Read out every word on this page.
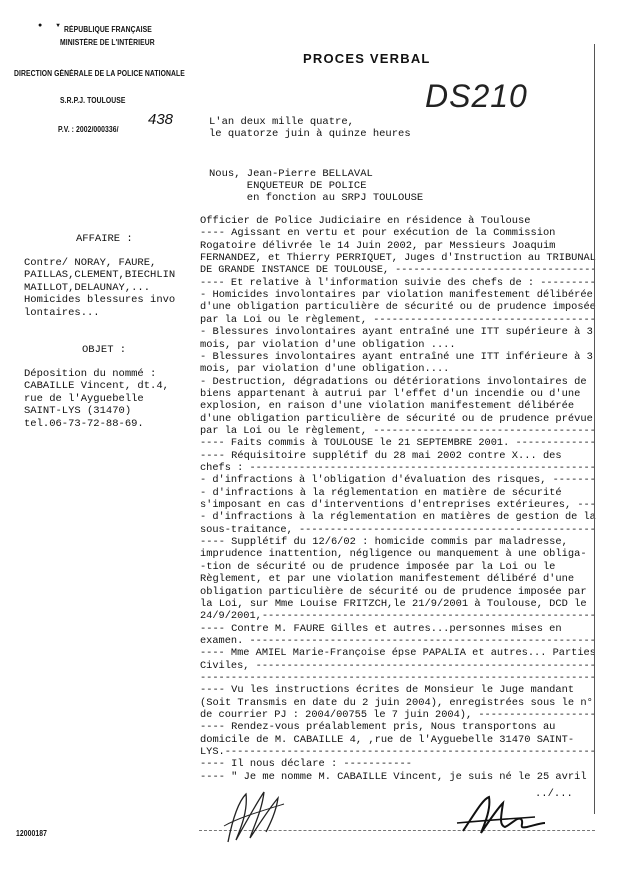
● ▼ RÉPUBLIQUE FRANÇAISE
MINISTÈRE DE L'INTÉRIEUR
DIRECTION GÉNÉRALE DE LA POLICE NATIONALE
S.R.P.J. TOULOUSE
P.V. : 2002/000336/
438
PROCES VERBAL
DS210
L'an deux mille quatre,
le quatorze juin à quinze heures
Nous, Jean-Pierre BELLAVAL
ENQUETEUR DE POLICE
en fonction au SRPJ TOULOUSE
AFFAIRE :
Contre/ NORAY, FAURE,
PAILLAS,CLEMENT,BIECHLIN
MAILLOT,DELAUNAY,...
Homicides blessures invo
lontaires...
OBJET :
Déposition du nommé :
CABAILLE Vincent, dt.4,
rue de l'Ayguebelle
SAINT-LYS (31470)
tel.06-73-72-88-69.
Officier de Police Judiciaire en résidence à Toulouse
---- Agissant en vertu et pour exécution de la Commission
Rogatoire délivrée le 14 Juin 2002, par Messieurs Joaquim
FERNANDEZ, et Thierry PERRIQUET, Juges d'Instruction au TRIBUNAL
DE GRANDE INSTANCE DE TOULOUSE, ---------------------------------
---- Et relative à l'information suivie des chefs de : ---------
- Homicides involontaires par violation manifestement délibérée
d'une obligation particulière de sécurité ou de prudence imposée
par la Loi ou le règlement, ------------------------------------
- Blessures involontaires ayant entraîné une ITT supérieure à 3
mois, par violation d'une obligation ....
- Blessures involontaires ayant entraîné une ITT inférieure à 3
mois, par violation d'une obligation....
- Destruction, dégradations ou détériorations involontaires de
biens appartenant à autrui par l'effet d'un incendie ou d'une
explosion, en raison d'une violation manifestement délibérée
d'une obligation particulière de sécurité ou de prudence prévue
par la Loi ou le règlement, ------------------------------------
---- Faits commis à TOULOUSE le 21 SEPTEMBRE 2001. -------------
---- Réquisitoire supplétif du 28 mai 2002 contre X... des
chefs : --------------------------------------------------------
- d'infractions à l'obligation d'évaluation des risques, -------
- d'infractions à la réglementation en matière de sécurité
s'imposant en cas d'interventions d'entreprises extérieures, ---
- d'infractions à la réglementation en matières de gestion de la
sous-traitance, ------------------------------------------------
---- Supplétif du 12/6/02 : homicide commis par maladresse,
imprudence inattention, négligence ou manquement à une obliga-
-tion de sécurité ou de prudence imposée par la Loi ou le
Règlement, et par une violation manifestement délibéré d'une
obligation particulière de sécurité ou de prudence imposée par
la Loi, sur Mme Louise FRITZCH,le 21/9/2001 à Toulouse, DCD le
24/9/2001,------------------------------------------------------
---- Contre M. FAURE Gilles et autres...personnes mises en
examen. --------------------------------------------------------
---- Mme AMIEL Marie-Françoise épse PAPALIA et autres... Parties
Civiles, -------------------------------------------------------
----------------------------------------------------------------
---- Vu les instructions écrites de Monsieur le Juge mandant
(Soit Transmis en date du 2 juin 2004), enregistrées sous le n°
de courrier PJ : 2004/00755 le 7 juin 2004), -------------------
---- Rendez-vous préalablement pris, Nous transportons au
domicile de M. CABAILLE 4, ,rue de l'Ayguebelle 31470 SAINT-
LYS.------------------------------------------------------------
---- Il nous déclare : -----------
---- " Je me nomme M. CABAILLE Vincent, je suis né le 25 avril
../...
12000187
